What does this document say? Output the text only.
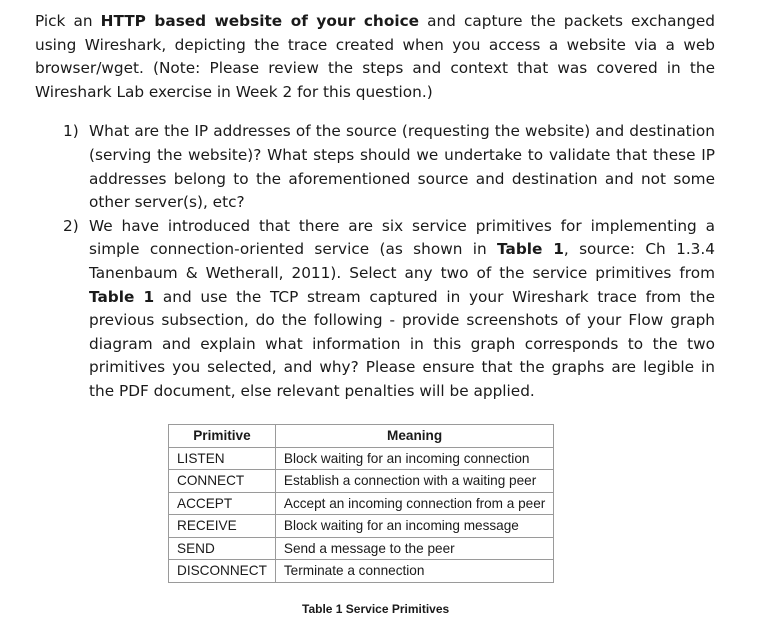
Pick an HTTP based website of your choice and capture the packets exchanged using Wireshark, depicting the trace created when you access a website via a web browser/wget. (Note: Please review the steps and context that was covered in the Wireshark Lab exercise in Week 2 for this question.)

1) What are the IP addresses of the source (requesting the website) and destination (serving the website)? What steps should we undertake to validate that these IP addresses belong to the aforementioned source and destination and not some other server(s), etc?
2) We have introduced that there are six service primitives for implementing a simple connection-oriented service (as shown in Table 1, source: Ch 1.3.4 Tanenbaum & Wetherall, 2011). Select any two of the service primitives from Table 1 and use the TCP stream captured in your Wireshark trace from the previous subsection, do the following - provide screenshots of your Flow graph diagram and explain what information in this graph corresponds to the two primitives you selected, and why? Please ensure that the graphs are legible in the PDF document, else relevant penalties will be applied.
Primitive	Meaning
LISTEN	Block waiting for an incoming connection
CONNECT	Establish a connection with a waiting peer
ACCEPT	Accept an incoming connection from a peer
RECEIVE	Block waiting for an incoming message
SEND	Send a message to the peer
DISCONNECT	Terminate a connection
Table 1 Service Primitives
